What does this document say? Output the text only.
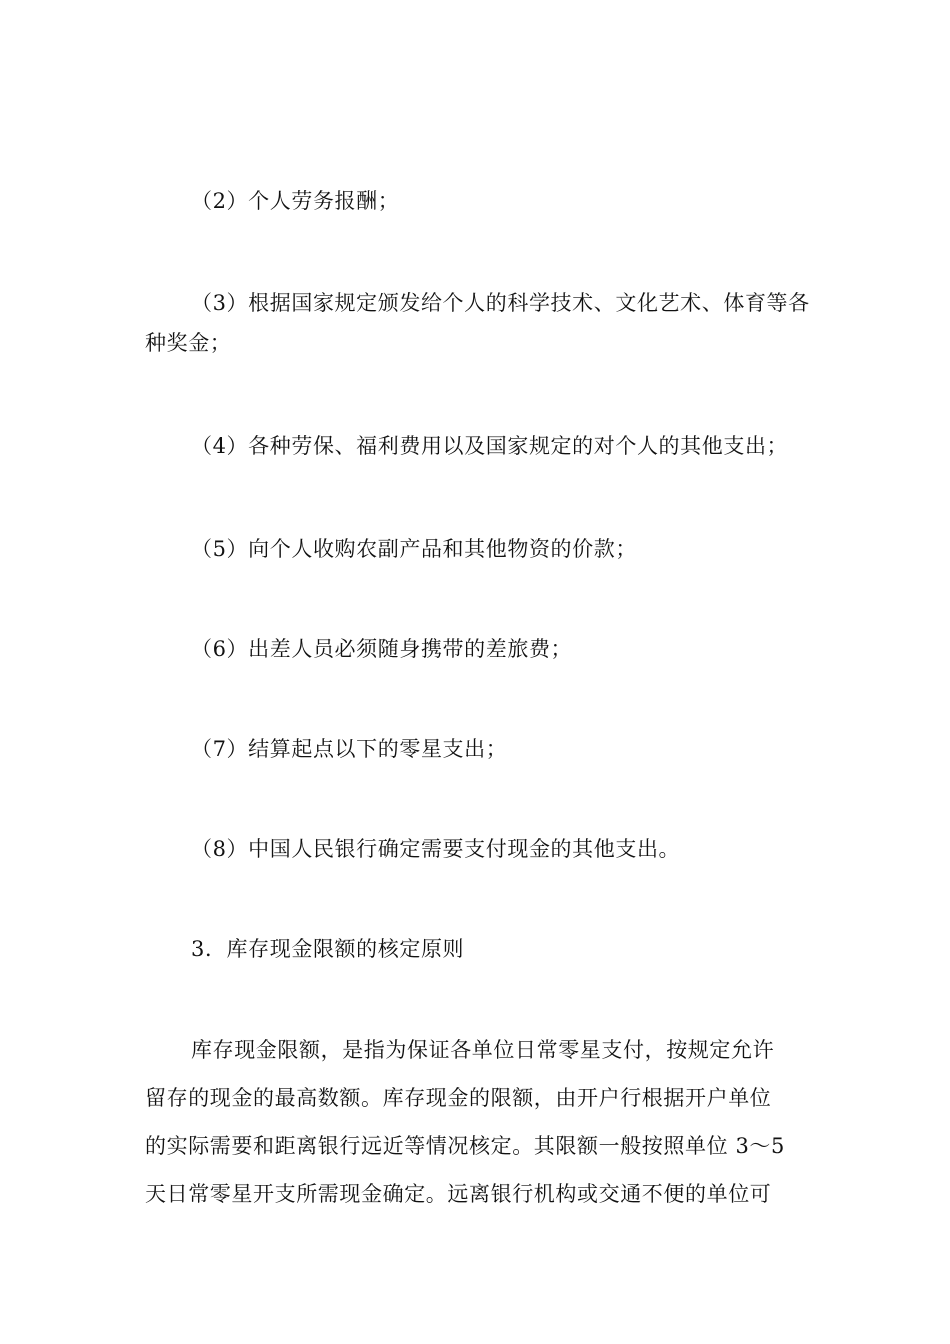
（2）个人劳务报酬；

（3）根据国家规定颁发给个人的科学技术、文化艺术、体育等各种奖金；

（4）各种劳保、福利费用以及国家规定的对个人的其他支出；

（5）向个人收购农副产品和其他物资的价款；

（6）出差人员必须随身携带的差旅费；

（7）结算起点以下的零星支出；

（8）中国人民银行确定需要支付现金的其他支出。

3．库存现金限额的核定原则

库存现金限额，是指为保证各单位日常零星支付，按规定允许

留存的现金的最高数额。库存现金的限额，由开户行根据开户单位

的实际需要和距离银行远近等情况核定。其限额一般按照单位 3～5

天日常零星开支所需现金确定。远离银行机构或交通不便的单位可
